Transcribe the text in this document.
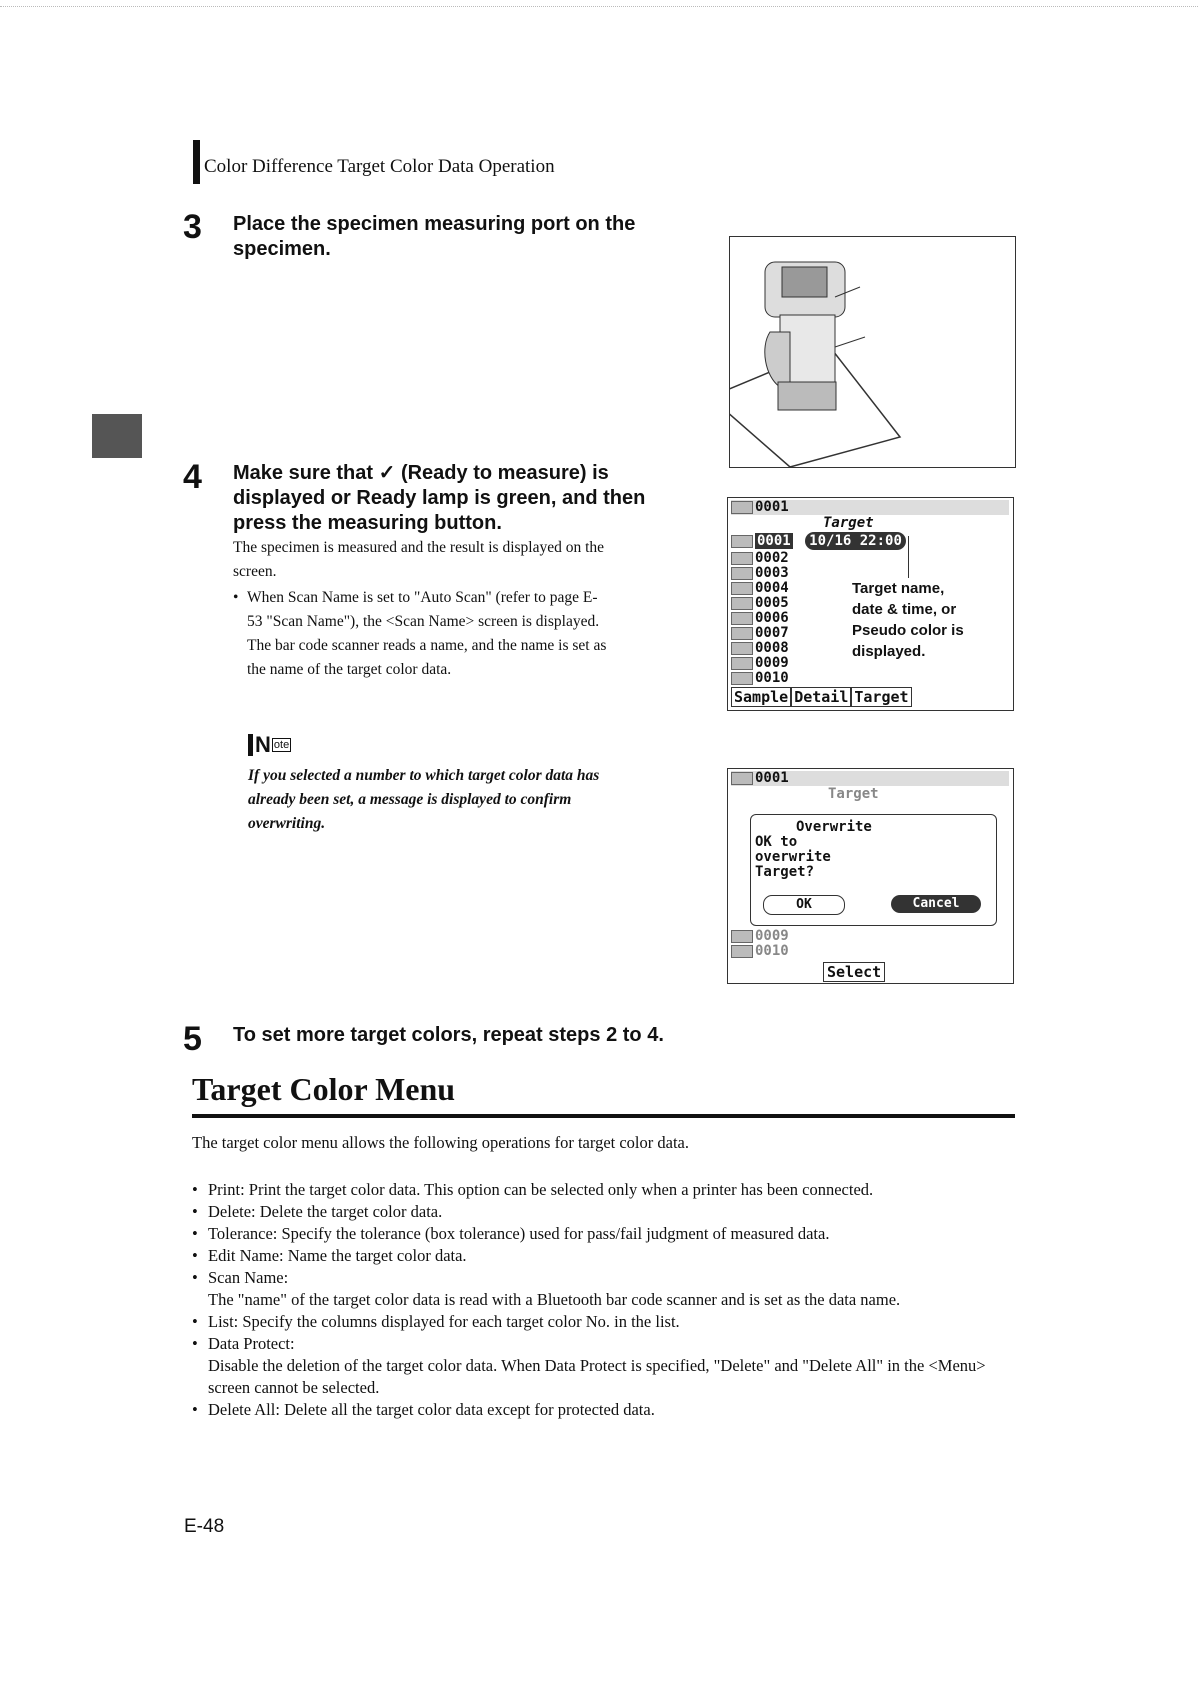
Color Difference Target Color Data Operation
3 Place the specimen measuring port on the
specimen.
4 Make sure that ✓ (Ready to measure) is
displayed or Ready lamp is green, and then
press the measuring button.
The specimen is measured and the result is displayed on the
screen.
• When Scan Name is set to "Auto Scan" (refer to page E-
53 "Scan Name"), the <Scan Name> screen is displayed.
The bar code scanner reads a name, and the name is set as
the name of the target color data.
N ote
If you selected a number to which target color data has
already been set, a message is displayed to confirm
overwriting.
0001
Target
0001 10/16 22:00
0002
0003
0004
0005
0006
0007
0008
0009
0010
Target name,
date & time, or
Pseudo color is
displayed.
Sample Detail Target
0001
Target
Overwrite
OK to
overwrite
Target?
OK	Cancel
0009
0010
Select
5 To set more target colors, repeat steps 2 to 4.
Target Color Menu
The target color menu allows the following operations for target color data.
• Print: Print the target color data. This option can be selected only when a printer has been connected.
• Delete: Delete the target color data.
• Tolerance: Specify the tolerance (box tolerance) used for pass/fail judgment of measured data.
• Edit Name: Name the target color data.
• Scan Name:
The "name" of the target color data is read with a Bluetooth bar code scanner and is set as the data name.
• List: Specify the columns displayed for each target color No. in the list.
• Data Protect:
Disable the deletion of the target color data. When Data Protect is specified, "Delete" and "Delete All" in the <Menu> screen cannot be selected.
• Delete All: Delete all the target color data except for protected data.
E-48
